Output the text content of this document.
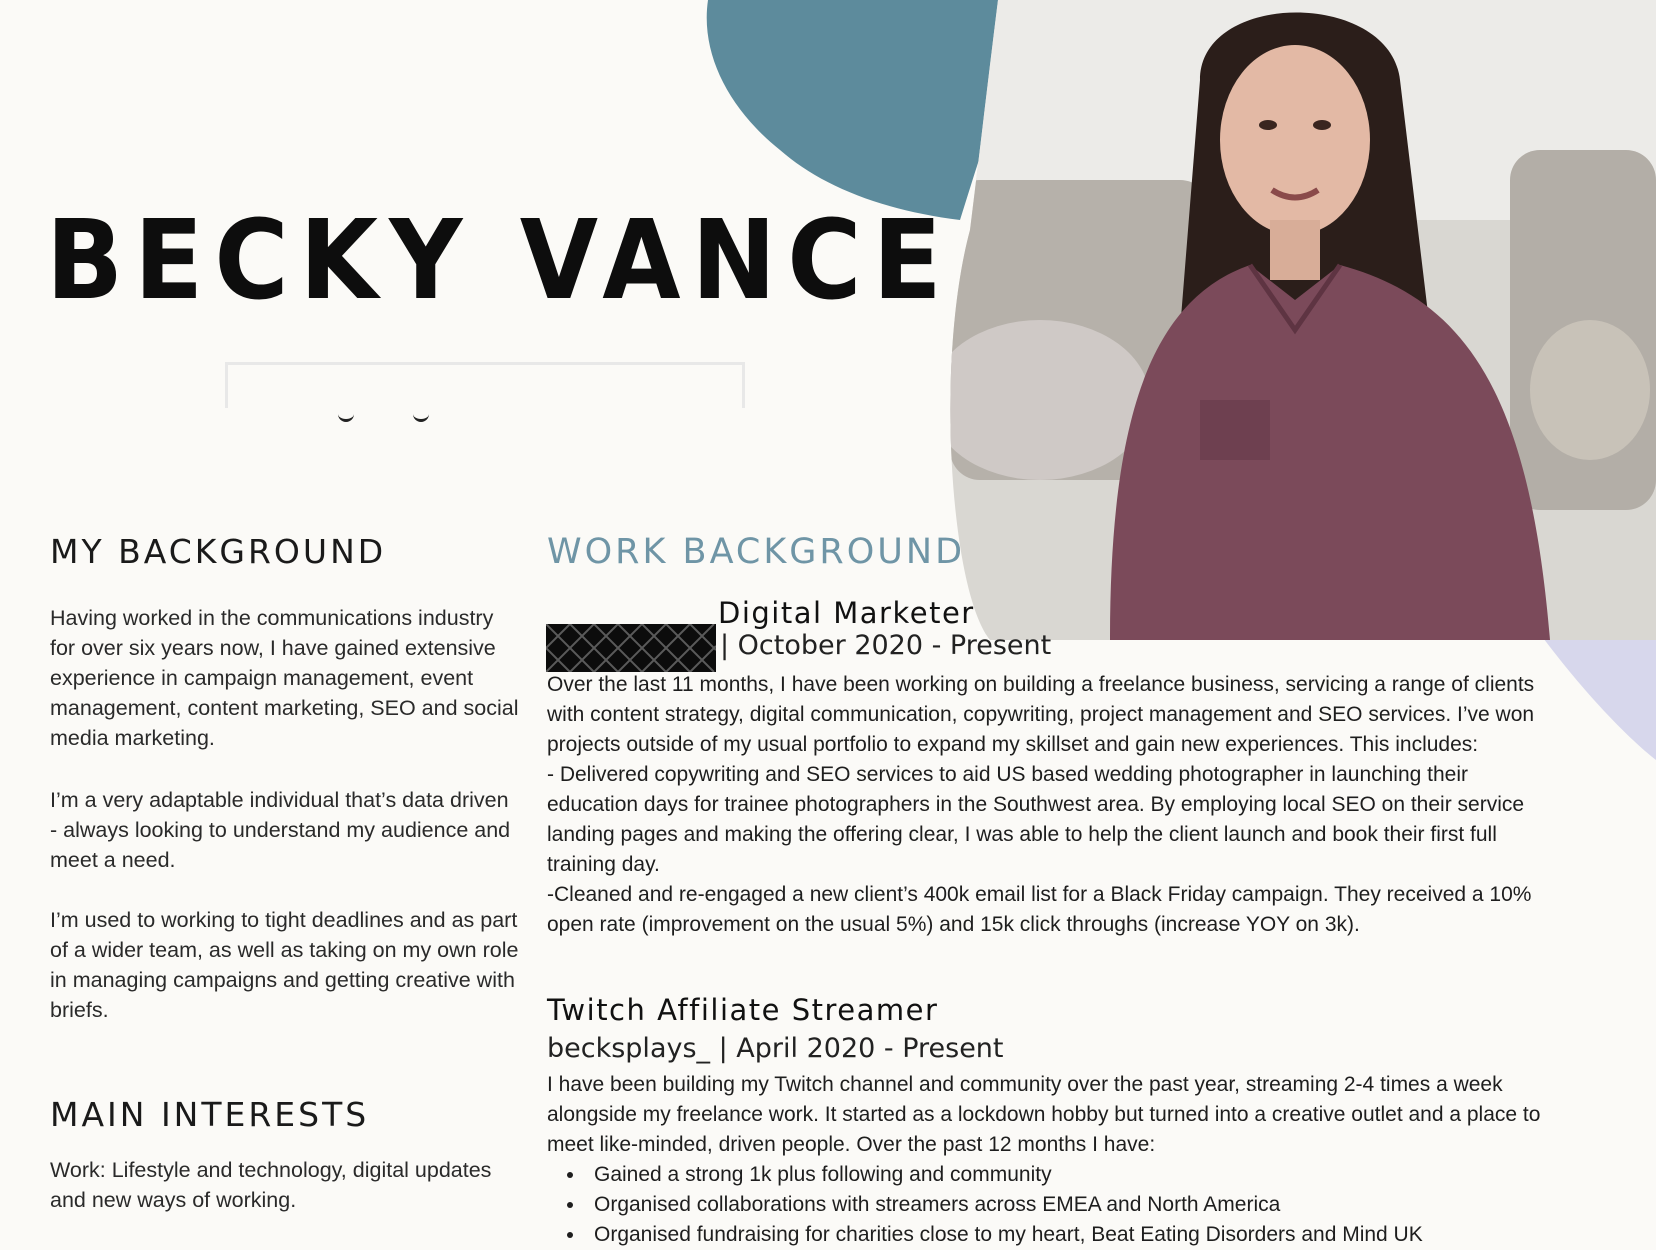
BECKY VANCE
MY BACKGROUND

Having worked in the communications industry for over six years now, I have gained extensive experience in campaign management, event management, content marketing, SEO and social media marketing.

I’m a very adaptable individual that’s data driven - always looking to understand my audience and meet a need.

I’m used to working to tight deadlines and as part of a wider team, as well as taking on my own role in managing campaigns and getting creative with briefs.

MAIN INTERESTS

Work: Lifestyle and technology, digital updates and new ways of working.

WORK BACKGROUND
Digital Marketer

| October 2020 - Present

Over the last 11 months, I have been working on building a freelance business, servicing a range of clients with content strategy, digital communication, copywriting, project management and SEO services. I’ve won projects outside of my usual portfolio to expand my skillset and gain new experiences. This includes:

- Delivered copywriting and SEO services to aid US based wedding photographer in launching their education days for trainee photographers in the Southwest area. By employing local SEO on their service landing pages and making the offering clear, I was able to help the client launch and book their first full training day.

-Cleaned and re-engaged a new client’s 400k email list for a Black Friday campaign. They received a 10% open rate (improvement on the usual 5%) and 15k click throughs (increase YOY on 3k).

Twitch Affiliate Streamer

becksplays_ | April 2020 - Present

I have been building my Twitch channel and community over the past year, streaming 2-4 times a week alongside my freelance work. It started as a lockdown hobby but turned into a creative outlet and a place to meet like-minded, driven people. Over the past 12 months I have:

• Gained a strong 1k plus following and community
• Organised collaborations with streamers across EMEA and North America
• Organised fundraising for charities close to my heart, Beat Eating Disorders and Mind UK
